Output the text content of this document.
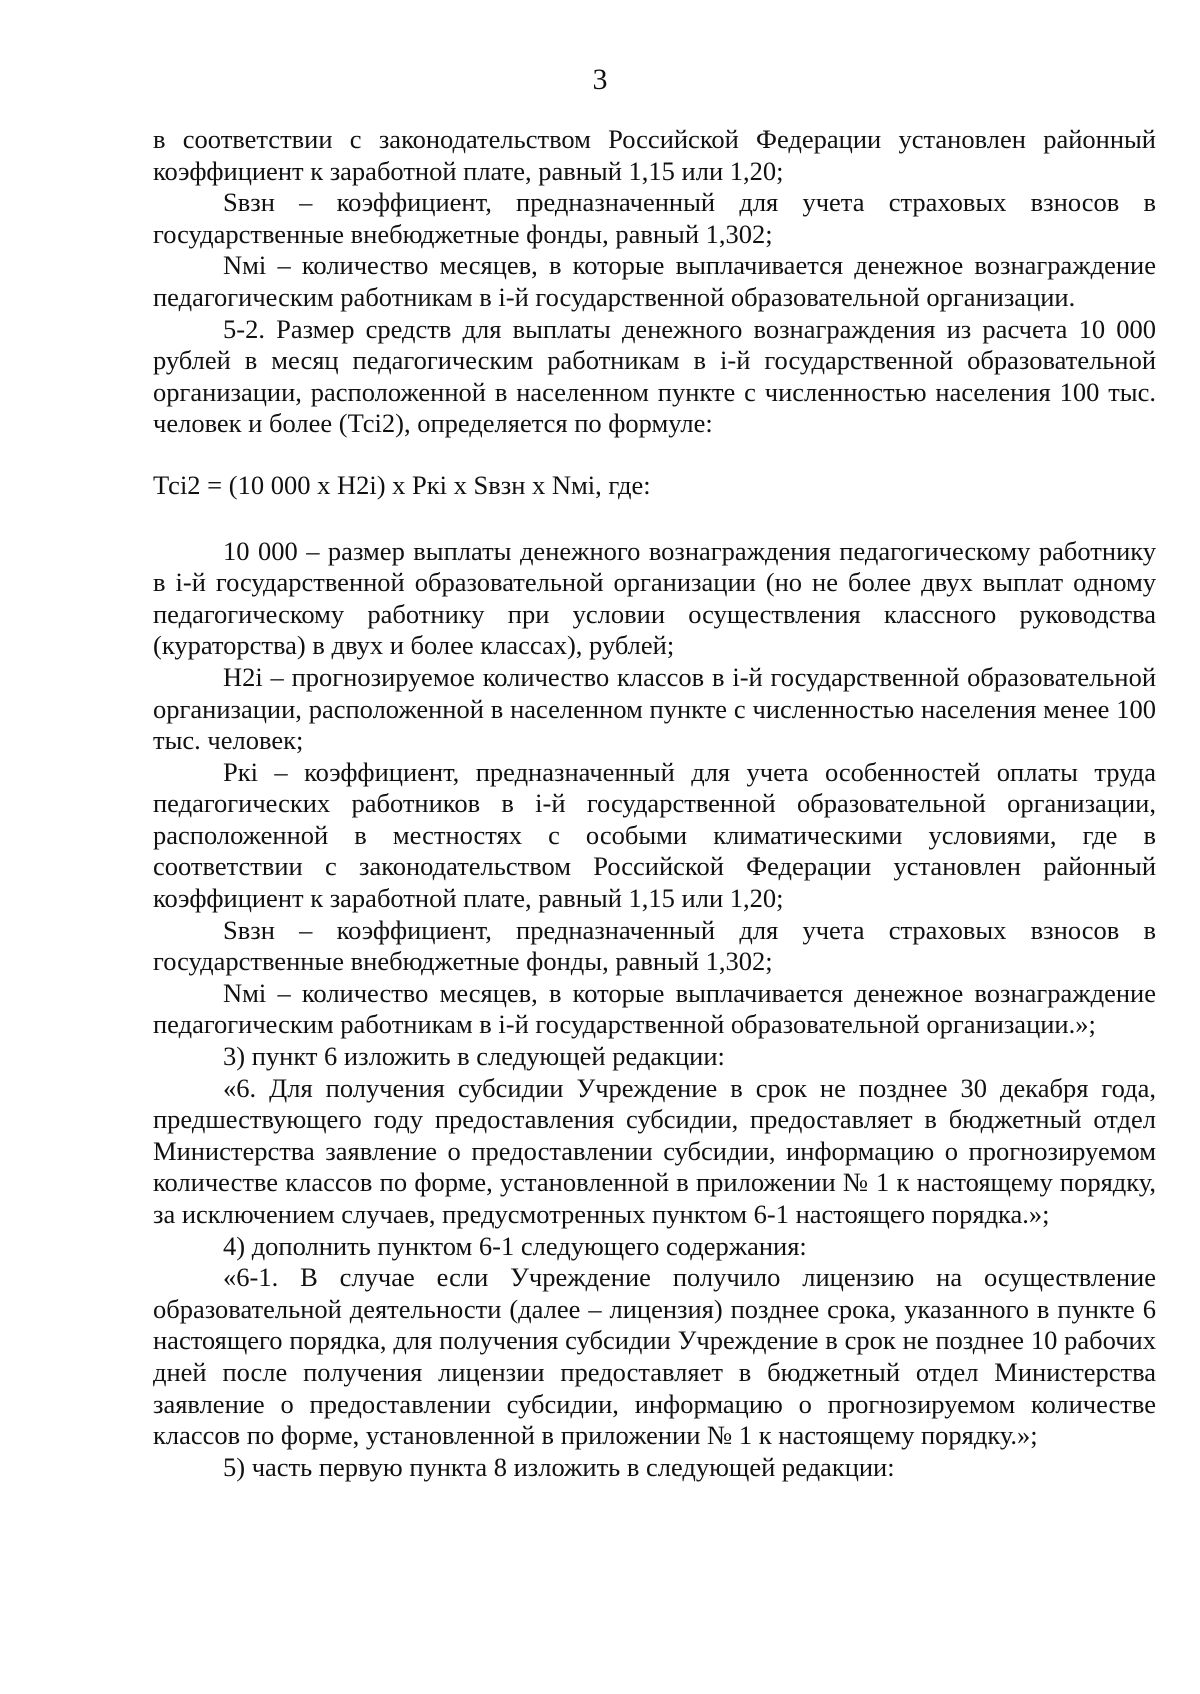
3

в соответствии с законодательством Российской Федерации установлен районный коэффициент к заработной плате, равный 1,15 или 1,20;

Sвзн – коэффициент, предназначенный для учета страховых взносов в государственные внебюджетные фонды, равный 1,302;

Nмi – количество месяцев, в которые выплачивается денежное вознаграждение педагогическим работникам в i-й государственной образовательной организации.

5-2. Размер средств для выплаты денежного вознаграждения из расчета 10 000 рублей в месяц педагогическим работникам в i-й государственной образовательной организации, расположенной в населенном пункте с численностью населения 100 тыс. человек и более (Тсi2), определяется по формуле:

Тсi2 = (10 000 х Н2i) х Ркi х Sвзн х Nмi, где:

10 000 – размер выплаты денежного вознаграждения педагогическому работнику в i-й государственной образовательной организации (но не более двух выплат одному педагогическому работнику при условии осуществления классного руководства (кураторства) в двух и более классах), рублей;

Н2i – прогнозируемое количество классов в i-й государственной образовательной организации, расположенной в населенном пункте с численностью населения менее 100 тыс. человек;

Ркi – коэффициент, предназначенный для учета особенностей оплаты труда педагогических работников в i-й государственной образовательной организации, расположенной в местностях с особыми климатическими условиями, где в соответствии с законодательством Российской Федерации установлен районный коэффициент к заработной плате, равный 1,15 или 1,20;

Sвзн – коэффициент, предназначенный для учета страховых взносов в государственные внебюджетные фонды, равный 1,302;

Nмi – количество месяцев, в которые выплачивается денежное вознаграждение педагогическим работникам в i-й государственной образовательной организации.»;

3) пункт 6 изложить в следующей редакции:

«6. Для получения субсидии Учреждение в срок не позднее 30 декабря года, предшествующего году предоставления субсидии, предоставляет в бюджетный отдел Министерства заявление о предоставлении субсидии, информацию о прогнозируемом количестве классов по форме, установленной в приложении № 1 к настоящему порядку, за исключением случаев, предусмотренных пунктом 6-1 настоящего порядка.»;

4) дополнить пунктом 6-1 следующего содержания:

«6-1. В случае если Учреждение получило лицензию на осуществление образовательной деятельности (далее – лицензия) позднее срока, указанного в пункте 6 настоящего порядка, для получения субсидии Учреждение в срок не позднее 10 рабочих дней после получения лицензии предоставляет в бюджетный отдел Министерства заявление о предоставлении субсидии, информацию о прогнозируемом количестве классов по форме, установленной в приложении № 1 к настоящему порядку.»;

5) часть первую пункта 8 изложить в следующей редакции:
